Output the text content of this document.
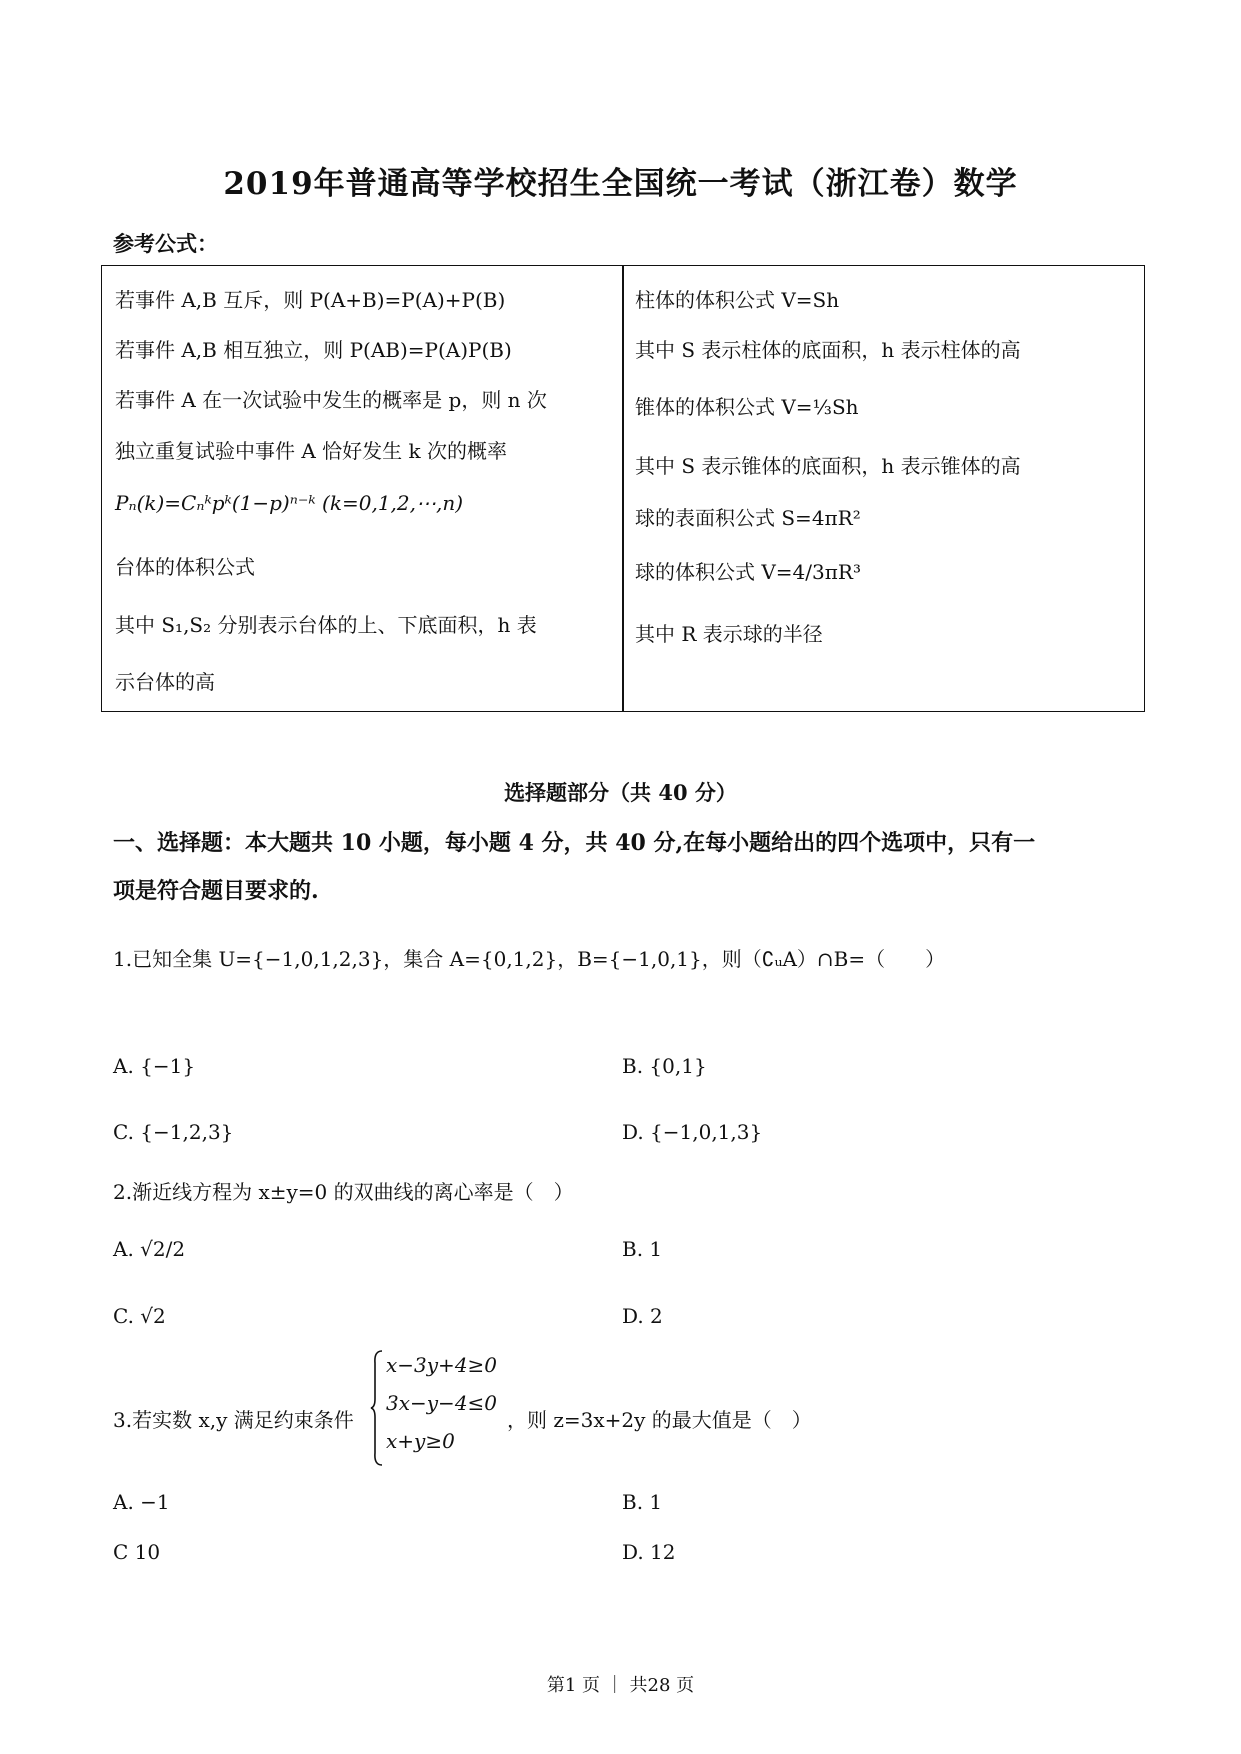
2019年普通高等学校招生全国统一考试（浙江卷）数学
参考公式：
若事件 A,B 互斥，则 P(A+B)=P(A)+P(B)
若事件 A,B 相互独立，则 P(AB)=P(A)P(B)
若事件 A 在一次试验中发生的概率是 p，则 n 次
独立重复试验中事件 A 恰好发生 k 次的概率
Pₙ(k)=Cₙᵏpᵏ(1−p)ⁿ⁻ᵏ (k=0,1,2,⋯,n)
台体的体积公式
其中 S₁,S₂ 分别表示台体的上、下底面积，h 表
示台体的高
柱体的体积公式 V=Sh
其中 S 表示柱体的底面积，h 表示柱体的高
锥体的体积公式 V=⅓Sh
其中 S 表示锥体的底面积，h 表示锥体的高
球的表面积公式 S=4πR²
球的体积公式 V=4/3πR³
其中 R 表示球的半径
选择题部分（共 40 分）
一、选择题：本大题共 10 小题，每小题 4 分，共 40 分,在每小题给出的四个选项中，只有一
项是符合题目要求的.
1.已知全集 U={−1,0,1,2,3}，集合 A={0,1,2}，B={−1,0,1}，则（∁ᵤA）∩B=（　　）
A. {−1}	B. {0,1}
C. {−1,2,3}	D. {−1,0,1,3}
2.渐近线方程为 x±y=0 的双曲线的离心率是（　）
A. √2/2	B. 1
C. √2	D. 2
3.若实数 x,y 满足约束条件
x−3y+4≥0
3x−y−4≤0
x+y≥0
，则 z=3x+2y 的最大值是（　）
A. −1	B. 1
C 10	D. 12
第1 页 ｜ 共28 页
